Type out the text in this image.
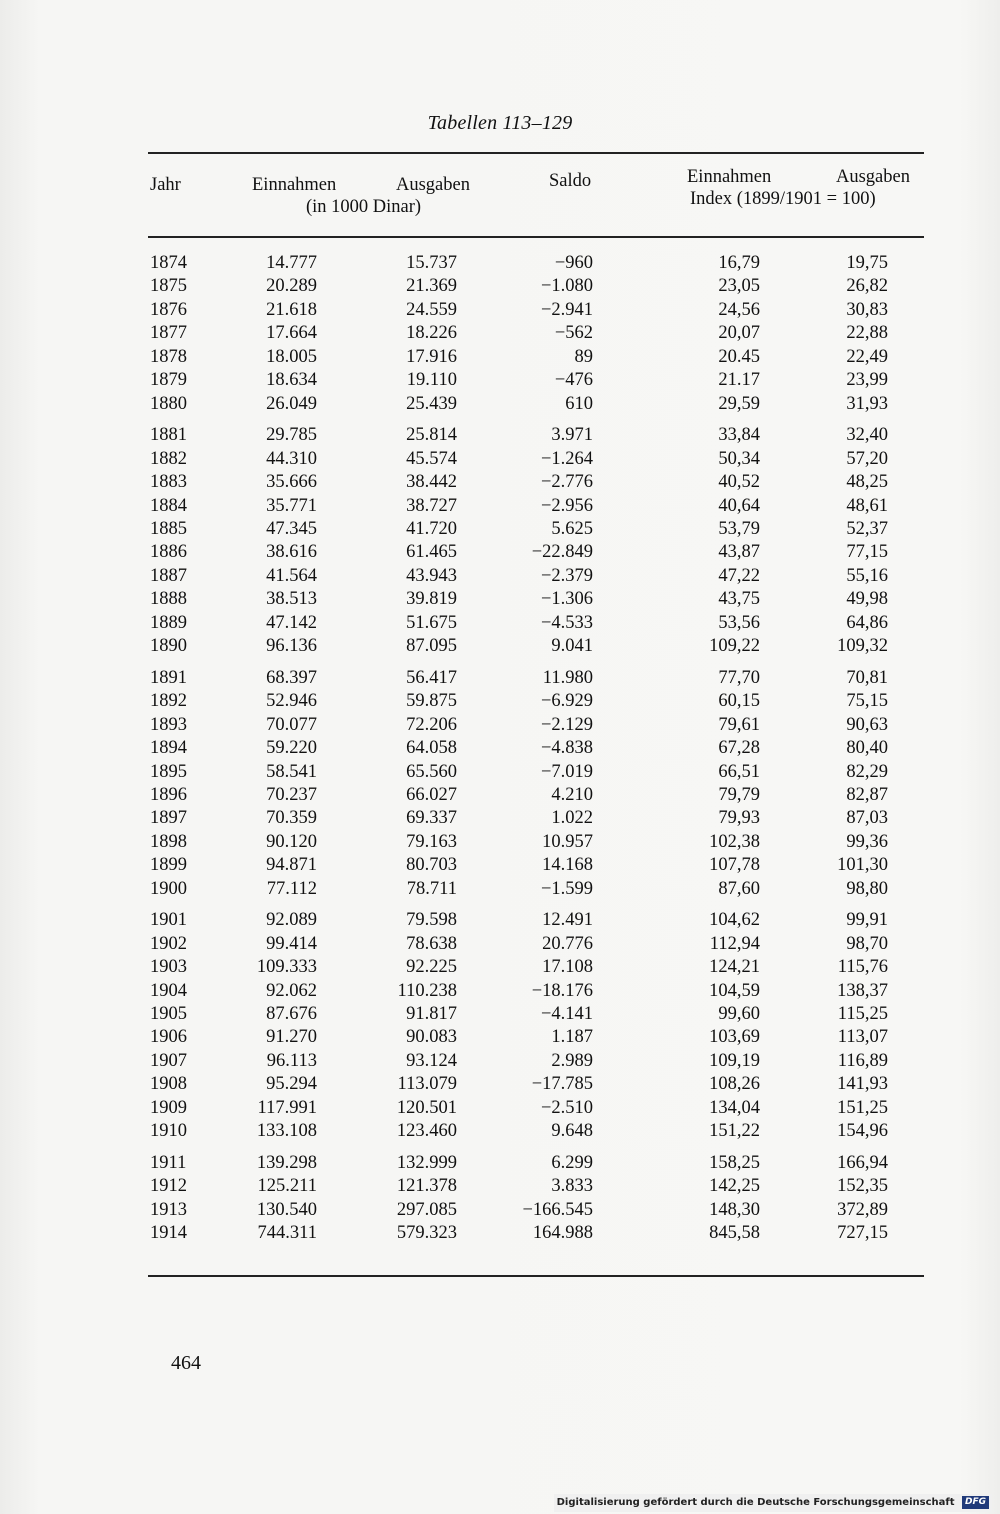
Tabellen 113–129
Jahr	Einnahmen	Ausgaben
(in 1000 Dinar)
Saldo	Einnahmen	Ausgaben
Index (1899/1901 = 100)
1874	14.777	15.737	−960	16,79	19,75
1875	20.289	21.369	−1.080	23,05	26,82
1876	21.618	24.559	−2.941	24,56	30,83
1877	17.664	18.226	−562	20,07	22,88
1878	18.005	17.916	89	20.45	22,49
1879	18.634	19.110	−476	21.17	23,99
1880	26.049	25.439	610	29,59	31,93
1881	29.785	25.814	3.971	33,84	32,40
1882	44.310	45.574	−1.264	50,34	57,20
1883	35.666	38.442	−2.776	40,52	48,25
1884	35.771	38.727	−2.956	40,64	48,61
1885	47.345	41.720	5.625	53,79	52,37
1886	38.616	61.465	−22.849	43,87	77,15
1887	41.564	43.943	−2.379	47,22	55,16
1888	38.513	39.819	−1.306	43,75	49,98
1889	47.142	51.675	−4.533	53,56	64,86
1890	96.136	87.095	9.041	109,22	109,32
1891	68.397	56.417	11.980	77,70	70,81
1892	52.946	59.875	−6.929	60,15	75,15
1893	70.077	72.206	−2.129	79,61	90,63
1894	59.220	64.058	−4.838	67,28	80,40
1895	58.541	65.560	−7.019	66,51	82,29
1896	70.237	66.027	4.210	79,79	82,87
1897	70.359	69.337	1.022	79,93	87,03
1898	90.120	79.163	10.957	102,38	99,36
1899	94.871	80.703	14.168	107,78	101,30
1900	77.112	78.711	−1.599	87,60	98,80
1901	92.089	79.598	12.491	104,62	99,91
1902	99.414	78.638	20.776	112,94	98,70
1903	109.333	92.225	17.108	124,21	115,76
1904	92.062	110.238	−18.176	104,59	138,37
1905	87.676	91.817	−4.141	99,60	115,25
1906	91.270	90.083	1.187	103,69	113,07
1907	96.113	93.124	2.989	109,19	116,89
1908	95.294	113.079	−17.785	108,26	141,93
1909	117.991	120.501	−2.510	134,04	151,25
1910	133.108	123.460	9.648	151,22	154,96
1911	139.298	132.999	6.299	158,25	166,94
1912	125.211	121.378	3.833	142,25	152,35
1913	130.540	297.085	−166.545	148,30	372,89
1914	744.311	579.323	164.988	845,58	727,15
464
Digitalisierung gefördert durch die Deutsche Forschungsgemeinschaft DFG
